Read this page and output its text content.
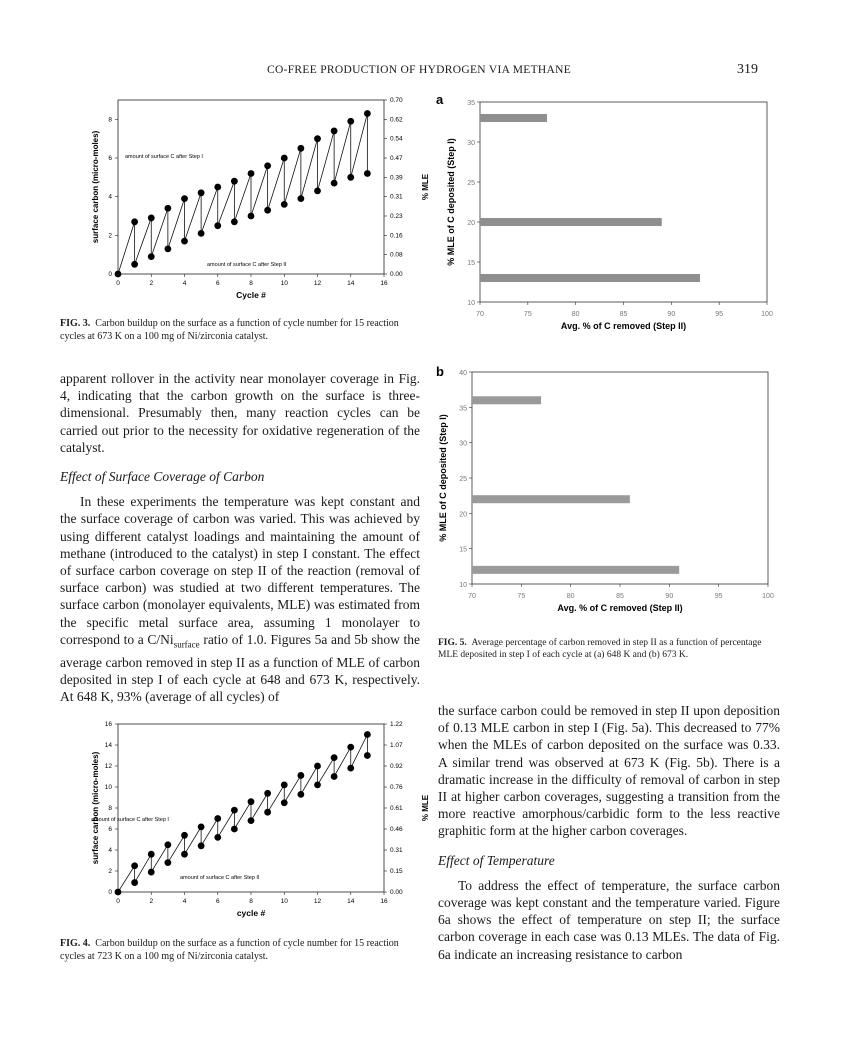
CO-FREE PRODUCTION OF HYDROGEN VIA METHANE	319
0	2	4	6	8	10	12	14	16
0
2
4
6
8
0.00
0.08
0.16
0.23
0.31
0.39
0.47
0.54
0.62
0.70
Cycle #
surface carbon (micro-moles)	% MLE
amount of surface C after Step I
amount of surface C after Step II
FIG. 3. Carbon buildup on the surface as a function of cycle number for 15 reaction cycles at 673 K on a 100 mg of Ni/zirconia catalyst.

apparent rollover in the activity near monolayer coverage in Fig. 4, indicating that the carbon growth on the surface is three-dimensional. Presumably then, many reaction cycles can be carried out prior to the necessity for oxidative regeneration of the catalyst.

Effect of Surface Coverage of Carbon

In these experiments the temperature was kept constant and the surface coverage of carbon was varied. This was achieved by using different catalyst loadings and maintaining the amount of methane (introduced to the catalyst) in step I constant. The effect of surface carbon coverage on step II of the reaction (removal of surface carbon) was studied at two different temperatures. The surface carbon (monolayer equivalents, MLE) was estimated from the specific metal surface area, assuming 1 monolayer to correspond to a $C/Ni_{surface}$ ratio of 1.0. Figures 5a and 5b show the average carbon removed in step II as a function of MLE of carbon deposited in step I of each cycle at 648 and 673 K, respectively. At 648 K, 93% (average of all cycles) of

0	2	4	6	8	10	12	14	16
0
2
4
6
8
10
12
14
16
0.00
0.15
0.31
0.46
0.61
0.76
0.92
1.07
1.22
cycle #
surface carbon (micro-moles)	% MLE
amount of surface C after Step I
amount of surface C after Step II
FIG. 4. Carbon buildup on the surface as a function of cycle number for 15 reaction cycles at 723 K on a 100 mg of Ni/zirconia catalyst.
a
70	75	80	85	90	95	100
10
15
20
25
30
35
Avg. % of C removed (Step II)
% MLE of C deposited (Step I)
b
70	75	80	85	90	95	100
10
15
20
25
30
35
40
Avg. % of C removed (Step II)
% MLE of C deposited (Step I)
FIG. 5. Average percentage of carbon removed in step II as a function of percentage MLE deposited in step I of each cycle at (a) 648 K and (b) 673 K.

the surface carbon could be removed in step II upon deposition of 0.13 MLE carbon in step I (Fig. 5a). This decreased to 77% when the MLEs of carbon deposited on the surface was 0.33. A similar trend was observed at 673 K (Fig. 5b). There is a dramatic increase in the difficulty of removal of carbon in step II at higher carbon coverages, suggesting a transition from the more reactive amorphous/carbidic form to the less reactive graphitic form at the higher carbon coverages.

Effect of Temperature

To address the effect of temperature, the surface carbon coverage was kept constant and the temperature varied. Figure 6a shows the effect of temperature on step II; the surface carbon coverage in each case was 0.13 MLEs. The data of Fig. 6a indicate an increasing resistance to carbon
